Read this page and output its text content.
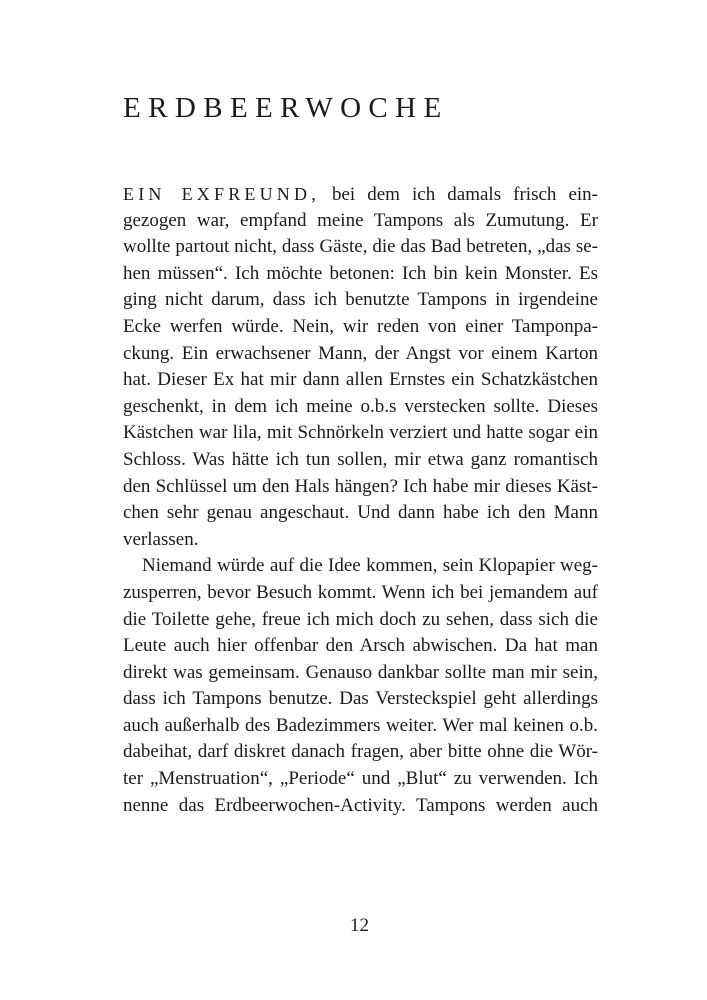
ERDBEERWOCHE
EIN EXFREUND, bei dem ich damals frisch ein-
gezogen war, empfand meine Tampons als Zumutung. Er
wollte partout nicht, dass Gäste, die das Bad betreten, „das se-
hen müssen“. Ich möchte betonen: Ich bin kein Monster. Es
ging nicht darum, dass ich benutzte Tampons in irgendeine
Ecke werfen würde. Nein, wir reden von einer Tamponpa-
ckung. Ein erwachsener Mann, der Angst vor einem Karton
hat. Dieser Ex hat mir dann allen Ernstes ein Schatzkästchen
geschenkt, in dem ich meine o.b.s verstecken sollte. Dieses
Kästchen war lila, mit Schnörkeln verziert und hatte sogar ein
Schloss. Was hätte ich tun sollen, mir etwa ganz romantisch
den Schlüssel um den Hals hängen? Ich habe mir dieses Käst-
chen sehr genau angeschaut. Und dann habe ich den Mann
verlassen.
Niemand würde auf die Idee kommen, sein Klopapier weg-
zusperren, bevor Besuch kommt. Wenn ich bei jemandem auf
die Toilette gehe, freue ich mich doch zu sehen, dass sich die
Leute auch hier offenbar den Arsch abwischen. Da hat man
direkt was gemeinsam. Genauso dankbar sollte man mir sein,
dass ich Tampons benutze. Das Versteckspiel geht allerdings
auch außerhalb des Badezimmers weiter. Wer mal keinen o.b.
dabeihat, darf diskret danach fragen, aber bitte ohne die Wör-
ter „Menstruation“, „Periode“ und „Blut“ zu verwenden. Ich
nenne das Erdbeerwochen-Activity. Tampons werden auch
12
